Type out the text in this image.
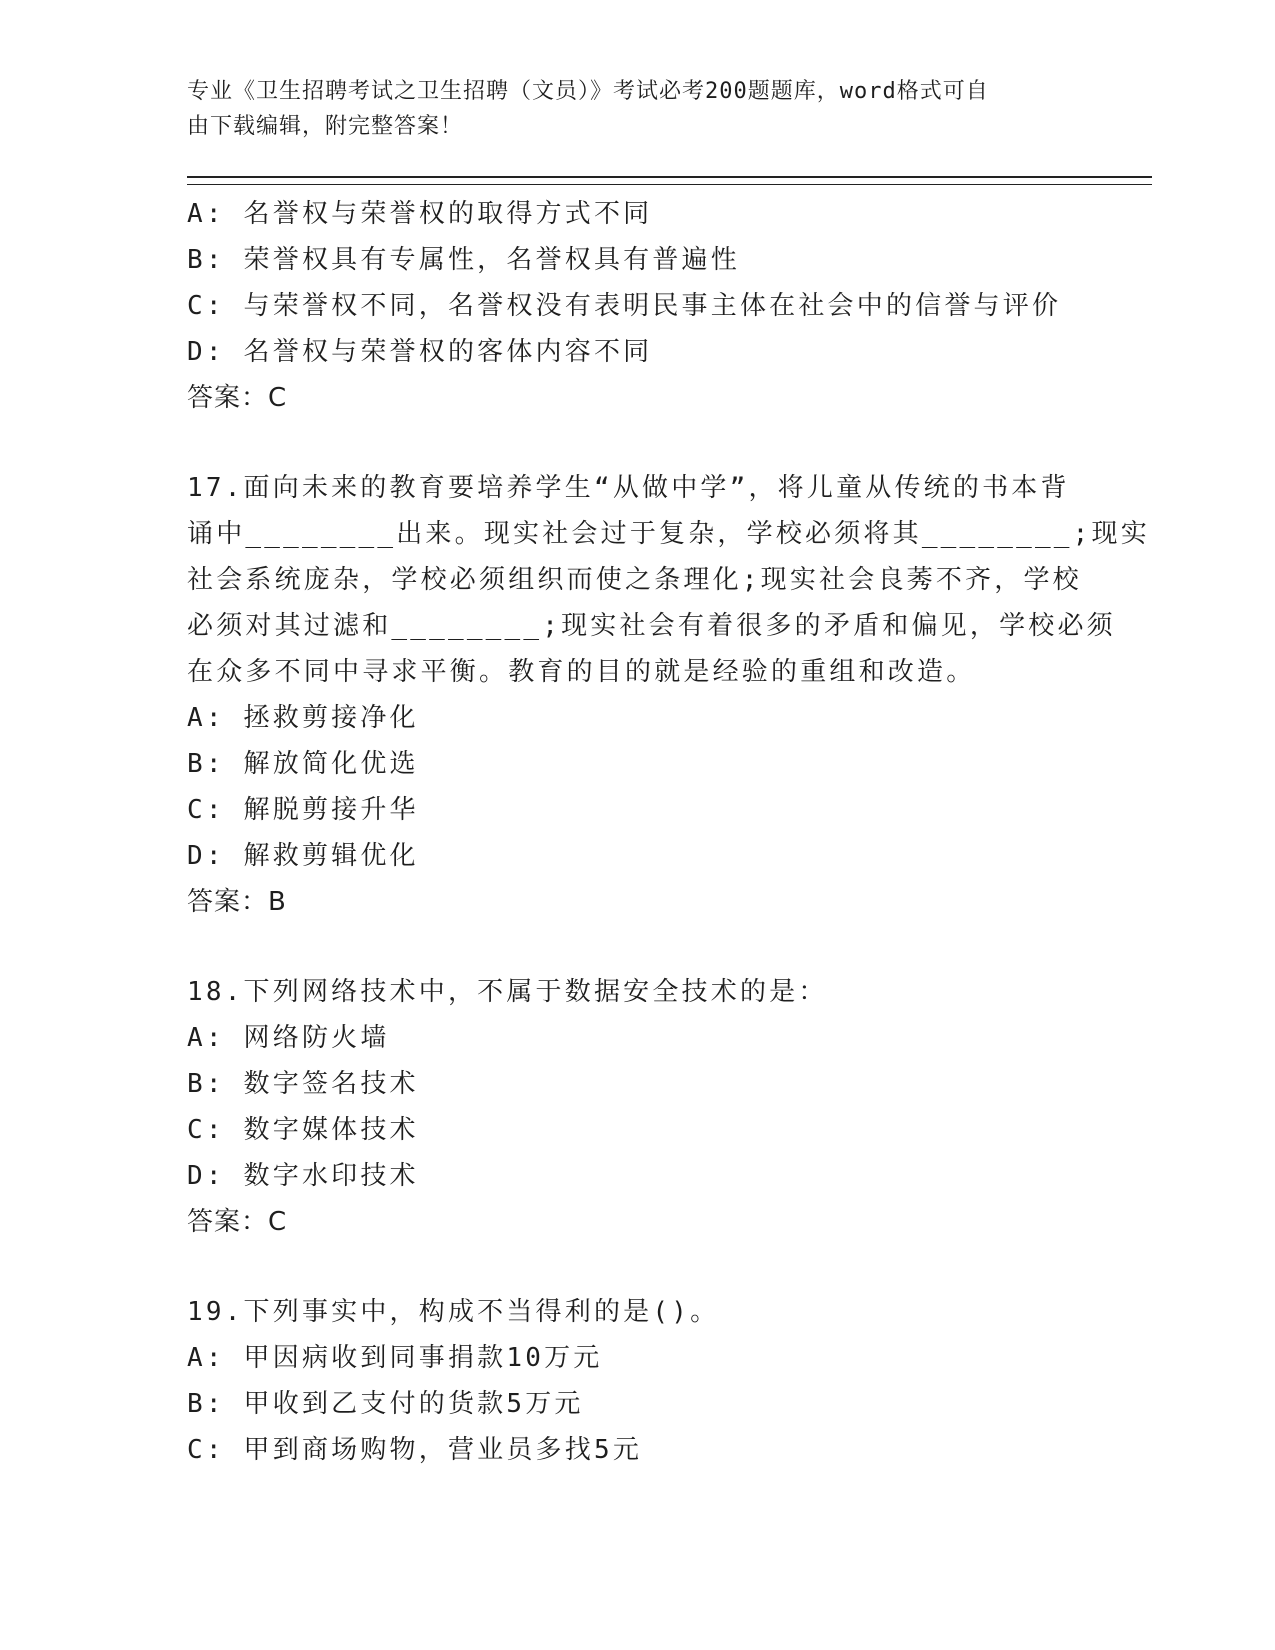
专业《卫生招聘考试之卫生招聘（文员）》考试必考200题题库，word格式可自
由下载编辑，附完整答案！
A: 名誉权与荣誉权的取得方式不同
B: 荣誉权具有专属性，名誉权具有普遍性
C: 与荣誉权不同，名誉权没有表明民事主体在社会中的信誉与评价
D: 名誉权与荣誉权的客体内容不同
答案：C
17.面向未来的教育要培养学生“从做中学”，将儿童从传统的书本背
诵中________出来。现实社会过于复杂，学校必须将其________;现实
社会系统庞杂，学校必须组织而使之条理化;现实社会良莠不齐，学校
必须对其过滤和________;现实社会有着很多的矛盾和偏见，学校必须
在众多不同中寻求平衡。教育的目的就是经验的重组和改造。
A: 拯救剪接净化
B: 解放简化优选
C: 解脱剪接升华
D: 解救剪辑优化
答案：B
18.下列网络技术中，不属于数据安全技术的是：
A: 网络防火墙
B: 数字签名技术
C: 数字媒体技术
D: 数字水印技术
答案：C
19.下列事实中，构成不当得利的是()。
A: 甲因病收到同事捐款10万元
B: 甲收到乙支付的货款5万元
C: 甲到商场购物，营业员多找5元
